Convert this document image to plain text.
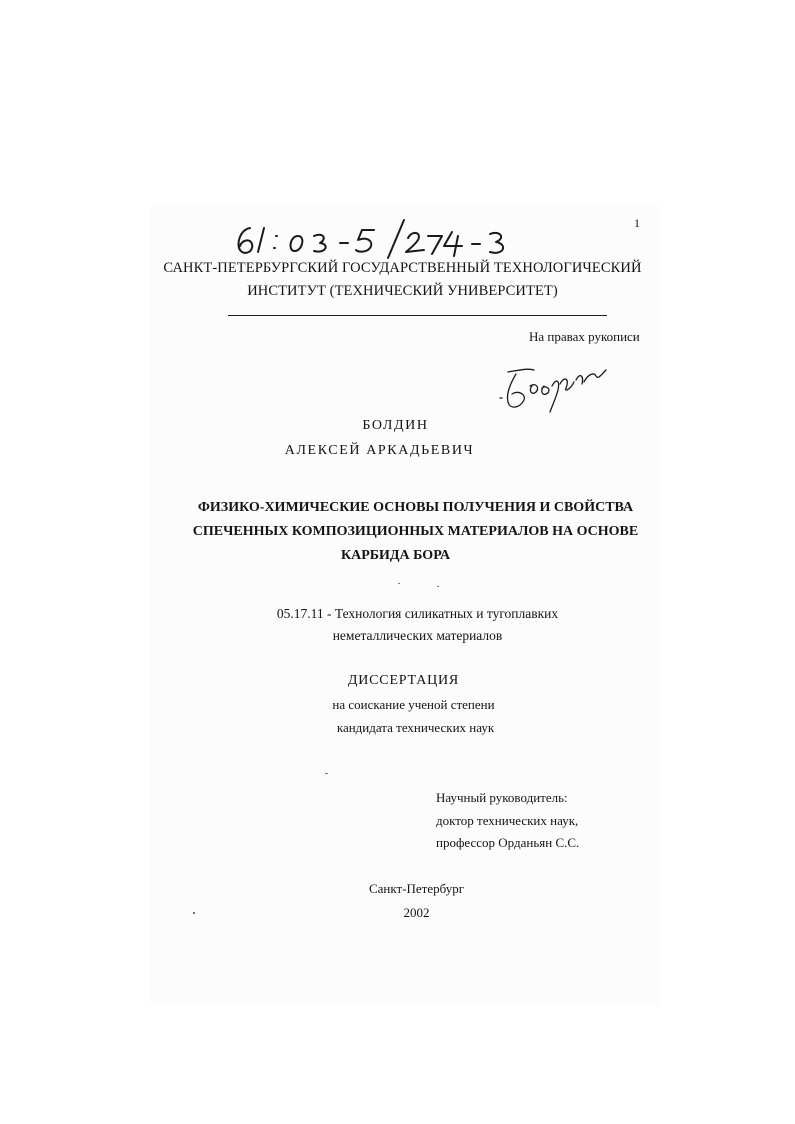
1
САНКТ-ПЕТЕРБУРГСКИЙ ГОСУДАРСТВЕННЫЙ ТЕХНОЛОГИЧЕСКИЙ
ИНСТИТУТ (ТЕХНИЧЕСКИЙ УНИВЕРСИТЕТ)
На правах рукописи
БОЛДИН
АЛЕКСЕЙ АРКАДЬЕВИЧ
ФИЗИКО-ХИМИЧЕСКИЕ ОСНОВЫ ПОЛУЧЕНИЯ И СВОЙСТВА
СПЕЧЕННЫХ КОМПОЗИЦИОННЫХ МАТЕРИАЛОВ НА ОСНОВЕ
КАРБИДА БОРА
05.17.11 - Технология силикатных и тугоплавких
неметаллических материалов
ДИССЕРТАЦИЯ
на соискание ученой степени
кандидата технических наук
Научный руководитель:
доктор технических наук,
профессор Орданьян С.С.
Санкт-Петербург
2002
